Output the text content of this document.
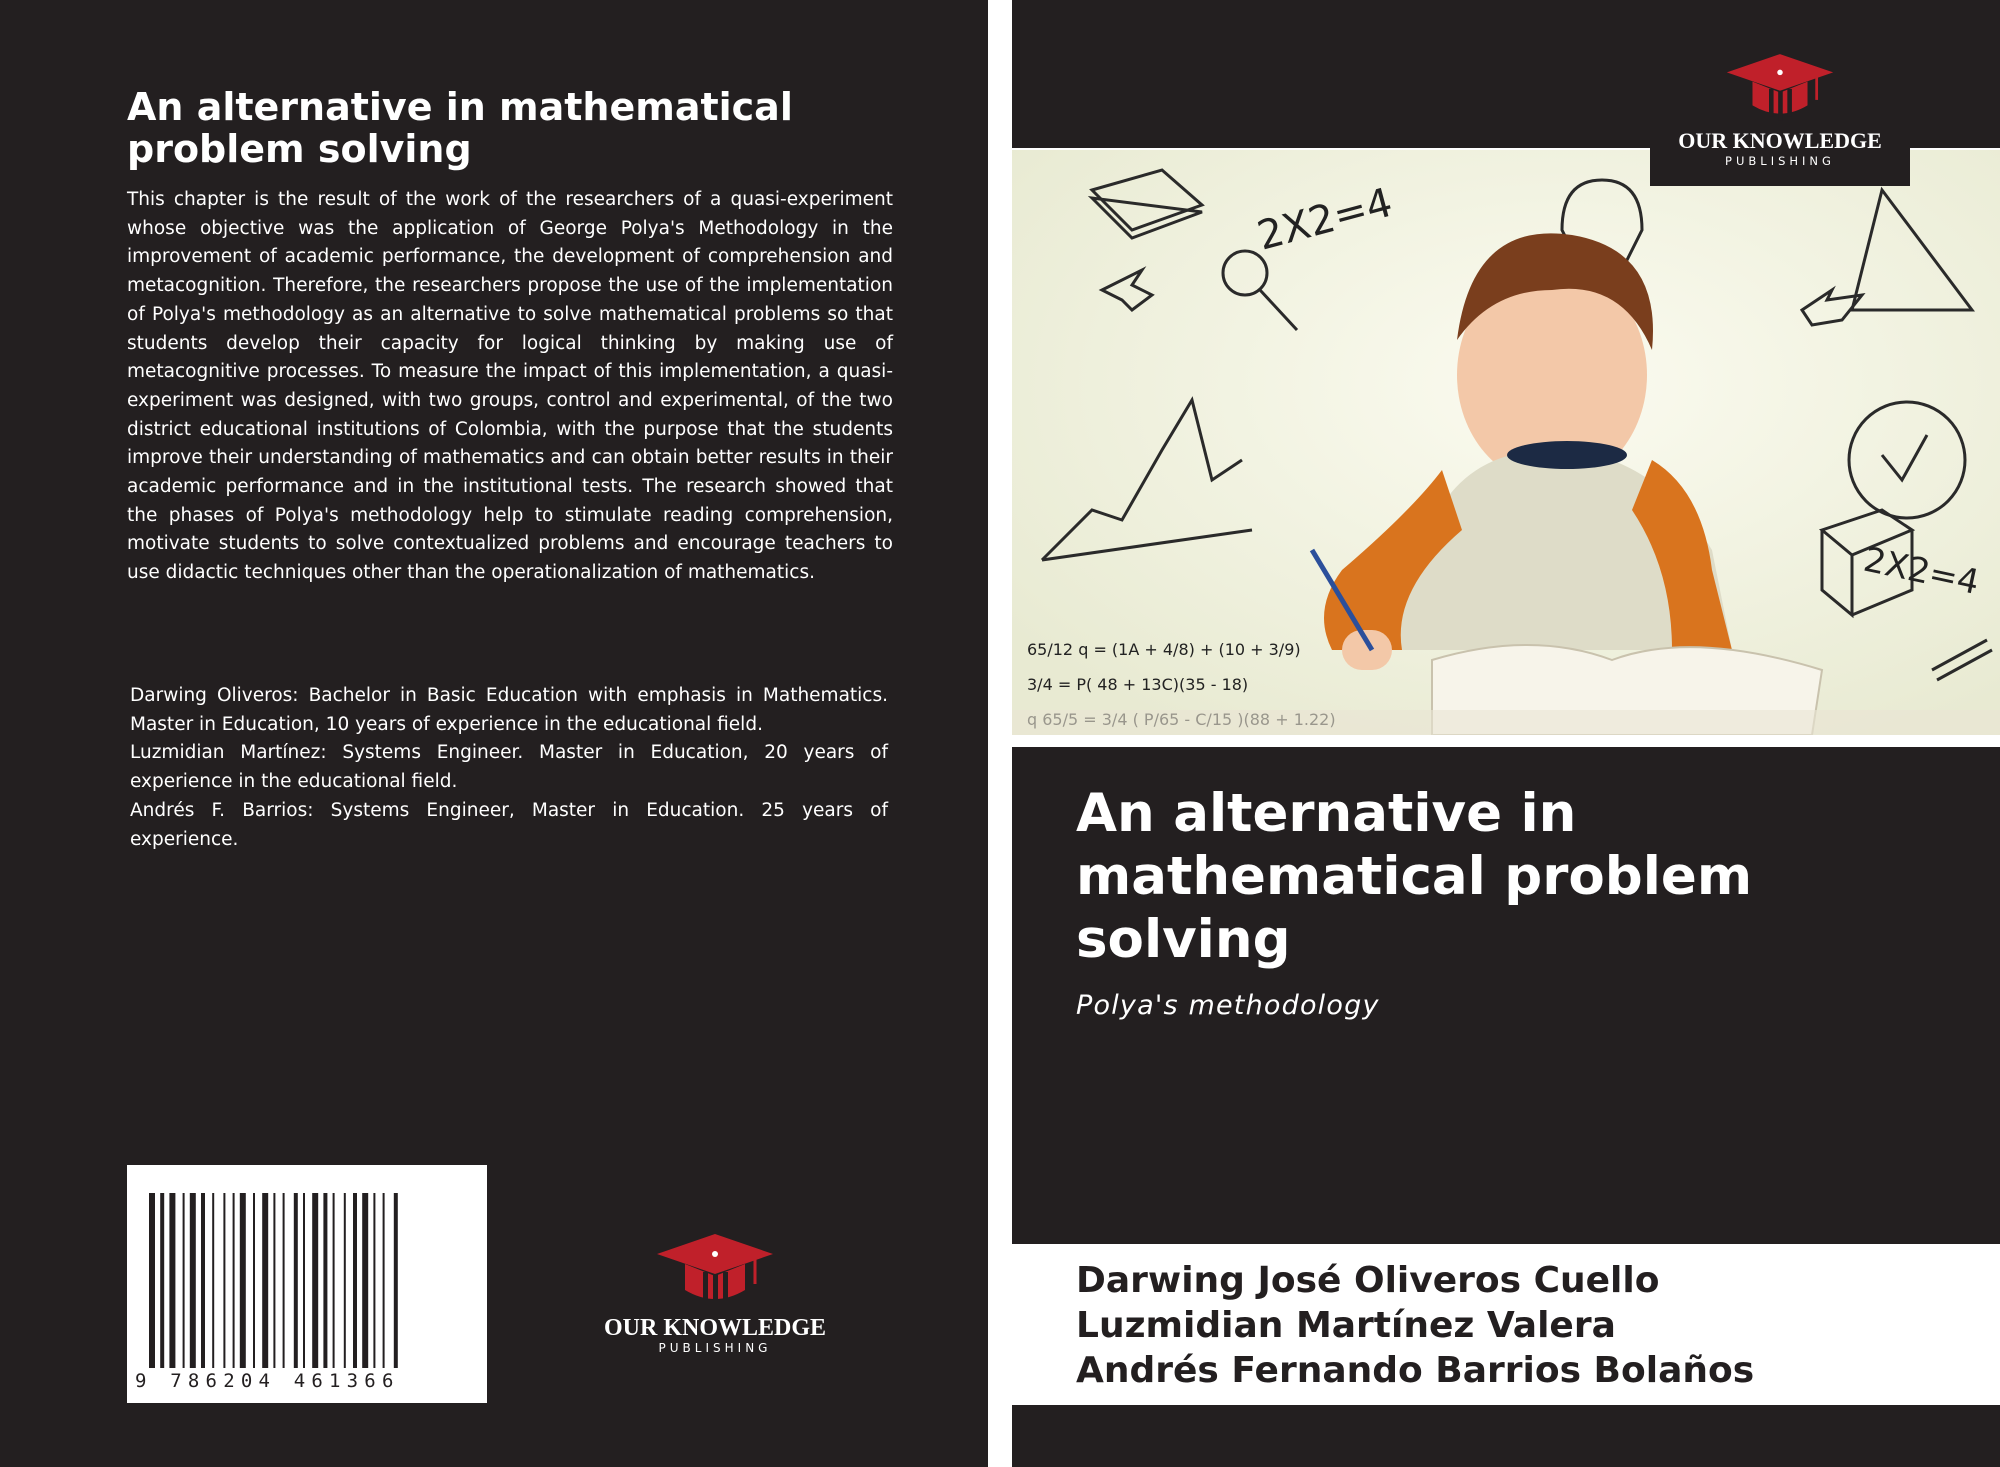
An alternative in mathematical problem solving

This chapter is the result of the work of the researchers of a quasi-experiment whose objective was the application of George Polya's Methodology in the improvement of academic performance, the development of comprehension and metacognition. Therefore, the researchers propose the use of the implementation of Polya's methodology as an alternative to solve mathematical problems so that students develop their capacity for logical thinking by making use of metacognitive processes. To measure the impact of this implementation, a quasi-experiment was designed, with two groups, control and experimental, of the two district educational institutions of Colombia, with the purpose that the students improve their understanding of mathematics and can obtain better results in their academic performance and in the institutional tests. The research showed that the phases of Polya's methodology help to stimulate reading comprehension, motivate students to solve contextualized problems and encourage teachers to use didactic techniques other than the operationalization of mathematics.

Darwing Oliveros: Bachelor in Basic Education with emphasis in Mathematics. Master in Education, 10 years of experience in the educational field.

Luzmidian Martínez: Systems Engineer. Master in Education, 20 years of experience in the educational field.

Andrés F. Barrios: Systems Engineer, Master in Education. 25 years of experience.

9 786204 461366
OUR KNOWLEDGE
PUBLISHING
2X2=4
2X2=4
65/12 q = (1A + 4/8) + (10 + 3/9)
3/4 = P( 48 + 13C)(35 - 18)
OUR KNOWLEDGE
PUBLISHING
An alternative in mathematical problem solving
Polya's methodology

Darwing José Oliveros Cuello

Luzmidian Martínez Valera

Andrés Fernando Barrios Bolaños
